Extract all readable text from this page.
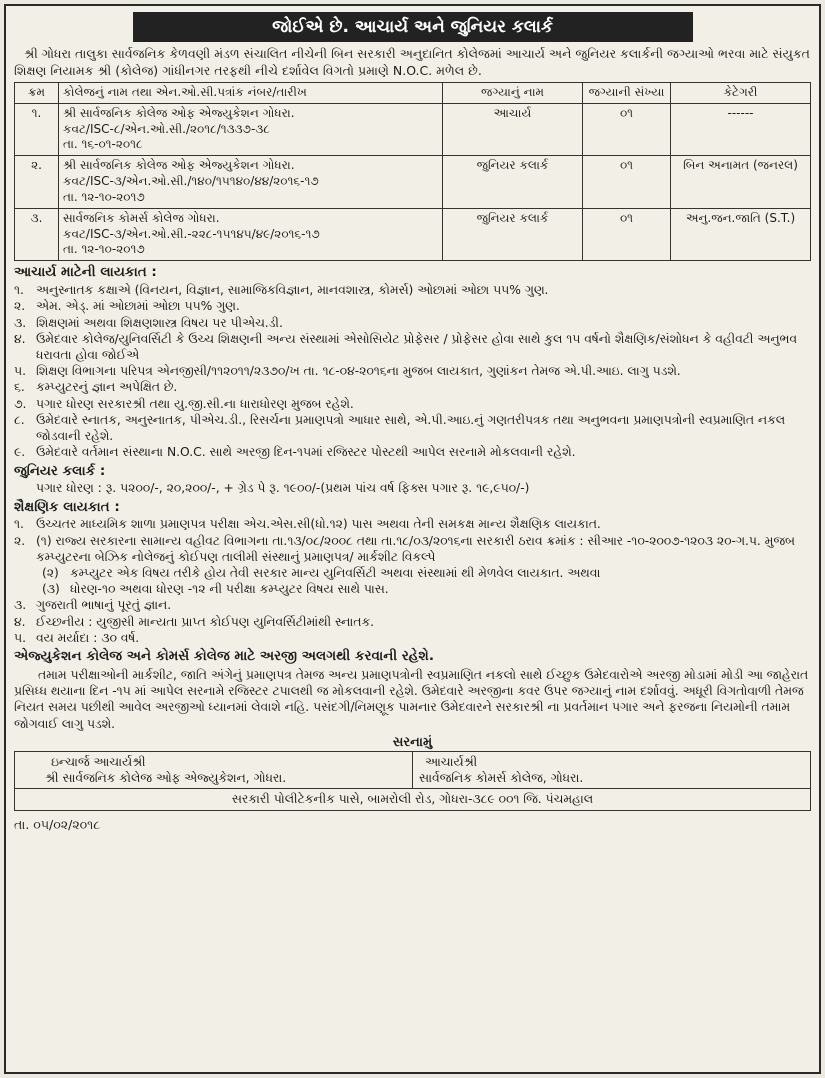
જોઈએ છે. આચાર્ય અને જુનિયર કલાર્ક
શ્રી ગોધરા તાલુકા સાર્વજનિક કેળવણી મંડળ સંચાલિત નીચેની બિન સરકારી અનુદાનિત કોલેજમાં આચાર્ય અને જુનિયર કલાર્કની જગ્યાઓ ભરવા માટે સંયુકત શિક્ષણ નિયામક શ્રી (કોલેજ) ગાંધીનગર તરફથી નીચે દર્શાવેલ વિગતો પ્રમાણે N.O.C. મળેલ છે.
ક્રમ	કોલેજનું નામ તથા એન.ઓ.સી.પત્રાંક નંબર/તારીખ	જગ્યાનું નામ	જગ્યાની સંખ્યા	કેટેગરી
૧.	શ્રી સાર્વજનિક કોલેજ ઓફ એજ્યુકેશન ગોધરા.
કવટ/ISC-૮/એન.ઓ.સી./૨૦૧૮/૧૩૩૭-૩૮
તા. ૧૬-૦૧-૨૦૧૮	આચાર્ય	૦૧	------
૨.	શ્રી સાર્વજનિક કોલેજ ઓફ એજ્યુકેશન ગોધરા.
કવટ/ISC-૩/એન.ઓ.સી./૧૪૦/૧૫૧૪૦/૪૪/૨૦૧૬-૧૭
તા. ૧૨-૧૦-૨૦૧૭	જુનિયર કલાર્ક	૦૧	બિન અનામત (જનરલ)
૩.	સાર્વજનિક કોમર્સ કોલેજ ગોધરા.
કવટ/ISC-૩/એન.ઓ.સી.-૨૨૮-૧૫૧૪૫/૪૯/૨૦૧૬-૧૭
તા. ૧૨-૧૦-૨૦૧૭	જુનિયર કલાર્ક	૦૧	અનુ.જન.જાતિ (S.T.)
આચાર્ય માટેની લાયકાત :
૧. અનુસ્નાતક કક્ષાએ (વિનયન, વિજ્ઞાન, સામાજિકવિજ્ઞાન, માનવશાસ્ત્ર, કોમર્સ) ઓછામાં ઓછા ૫૫% ગુણ.
૨. એમ. એડ્. માં ઓછામાં ઓછા ૫૫% ગુણ.
૩. શિક્ષણમાં અથવા શિક્ષણશાસ્ત્ર વિષય પર પીએચ.ડી.
૪. ઉમેદવાર કોલેજ/યુનિવર્સિટી કે ઉચ્ચ શિક્ષણની અન્ય સંસ્થામાં એસોસિયેટ પ્રોફેસર / પ્રોફેસર હોવા સાથે કુલ ૧૫ વર્ષનો શૈક્ષણિક/સંશોધન કે વહીવટી અનુભવ ધરાવતા હોવા જોઈએ
૫. શિક્ષણ વિભાગના પરિપત્ર એનજીસી/૧૧૨૦૧૧/૨૩૭૦/ખ તા. ૧૮-૦૪-૨૦૧૬ના મુજબ લાયકાત, ગુણાંકન તેમજ એ.પી.આઇ. લાગુ પડશે.
૬. કમ્પ્યુટરનું જ્ઞાન અપેક્ષિત છે.
૭. પગાર ધોરણ સરકારશ્રી તથા યુ.જી.સી.ના ધારાધોરણ મુજબ રહેશે.
૮. ઉમેદવારે સ્નાતક, અનુસ્નાતક, પીએચ.ડી., રિસર્ચના પ્રમાણપત્રો આધાર સાથે, એ.પી.આઇ.નું ગણતરીપત્રક તથા અનુભવના પ્રમાણપત્રોની સ્વપ્રમાણિત નકલ જોડવાની રહેશે.
૯. ઉમેદવારે વર્તમાન સંસ્થાના N.O.C. સાથે અરજી દિન-૧૫માં રજિસ્ટર પોસ્ટથી આપેલ સરનામે મોકલવાની રહેશે.
જુનિયર કલાર્ક :
પગાર ધોરણ : રૂ. ૫૨૦૦/-, ૨૦,૨૦૦/-, + ગ્રેડ પે રૂ. ૧૯૦૦/-(પ્રથમ પાંચ વર્ષ ફિક્સ પગાર રૂ. ૧૯,૯૫૦/-)
શૈક્ષણિક લાયકાત :
૧. ઉચ્ચતર માધ્યમિક શાળા પ્રમાણપત્ર પરીક્ષા એચ.એસ.સી(ધો.૧૨) પાસ અથવા તેની સમકક્ષ માન્ય શૈક્ષણિક લાયકાત.
૨. (૧) રાજ્ય સરકારના સામાન્ય વહીવટ વિભાગના તા.૧૩/૦૮/૨૦૦૮ તથા તા.૧૮/૦૩/૨૦૧૬ના સરકારી ઠરાવ ક્રમાંક : સીઆર -૧૦-૨૦૦૭-૧૨૦૩ ૨૦-ગ.પ. મુજબ કમ્પ્યુટરના બેઝિક નોલેજનું કોઈપણ તાલીમી સંસ્થાનું પ્રમાણપત્ર/ માર્કશીટ વિકલ્પે
(૨) કમ્પ્યુટર એક વિષય તરીકે હોય તેવી સરકાર માન્ય યુનિવર્સિટી અથવા સંસ્થામાં થી મેળવેલ લાયકાત. અથવા
(૩) ધોરણ-૧૦ અથવા ધોરણ -૧૨ ની પરીક્ષા કમ્પ્યુટર વિષય સાથે પાસ.
૩. ગુજરાતી ભાષાનું પૂરતું જ્ઞાન.
૪. ઈચ્છનીય : યુજીસી માન્યતા પ્રાપ્ત કોઈપણ યુનિવર્સિટીમાંથી સ્નાતક.
૫. વય મર્યાદા : ૩૦ વર્ષ.
એજ્યુકેશન કોલેજ અને કોમર્સ કોલેજ માટે અરજી અલગથી કરવાની રહેશે.
તમામ પરીક્ષાઓની માર્કશીટ, જાતિ અંગેનું પ્રમાણપત્ર તેમજ અન્ય પ્રમાણપત્રોની સ્વપ્રમાણિત નકલો સાથે ઈચ્છુક ઉમેદવારોએ અરજી મોડામાં મોડી આ જાહેરાત પ્રસિધ્ધ થયાના દિન -૧૫ માં આપેલ સરનામે રજિસ્ટર ટપાલથી જ મોકલવાની રહેશે. ઉમેદવારે અરજીના કવર ઉપર જગ્યાનું નામ દર્શાવવું. અધૂરી વિગતોવાળી તેમજ નિયત સમય પછીથી આવેલ અરજીઓ ધ્યાનમાં લેવાશે નહિ. પસંદગી/નિમણૂક પામનાર ઉમેદવારને સરકારશ્રી ના પ્રવર્તમાન પગાર અને ફરજના નિયમોની તમામ જોગવાઈ લાગુ પડશે.
સરનામું
ઇન્ચાર્જ આચાર્યશ્રી
શ્રી સાર્વજનિક કોલેજ ઓફ એજ્યુકેશન, ગોધરા.

આચાર્યશ્રી
સાર્વજનિક કોમર્સ કોલેજ, ગોધરા.

સરકારી પોલીટેકનીક પાસે, બામરોલી રોડ, ગોધરા-૩૮૯ ૦૦૧ જિ. પંચમહાલ
તા. ૦૫/૦૨/૨૦૧૮
